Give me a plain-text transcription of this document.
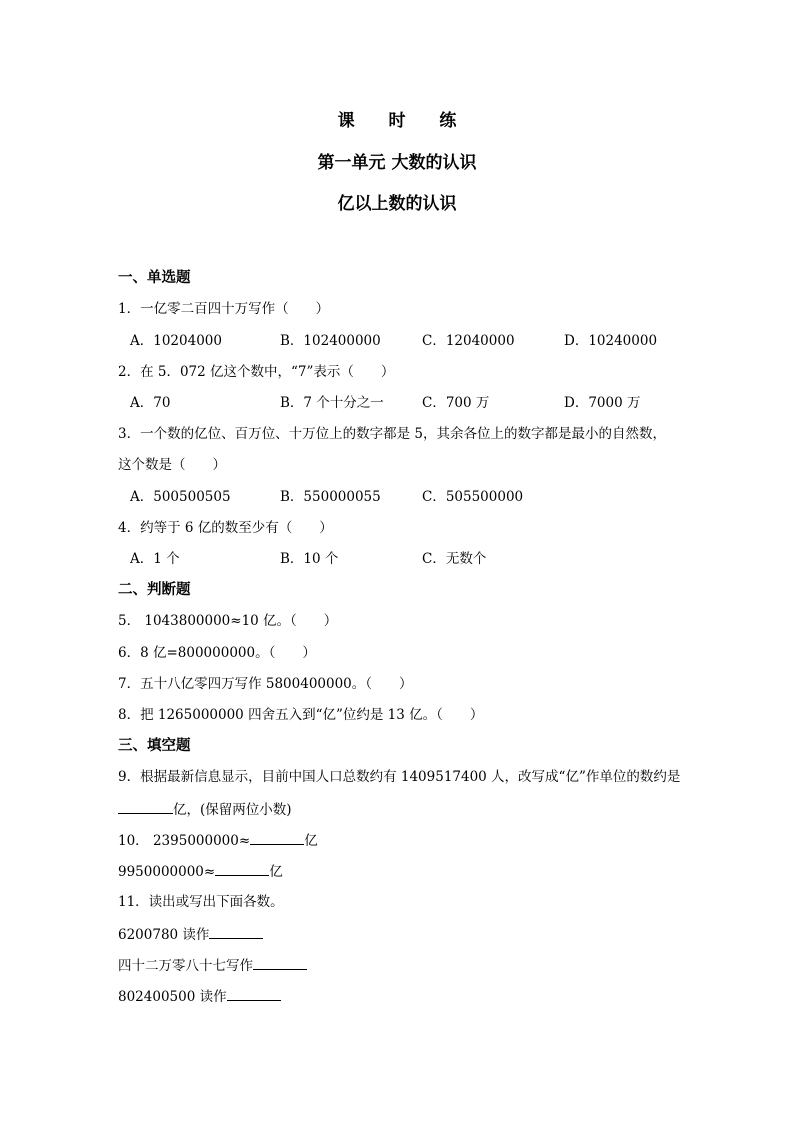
课 时 练
第一单元 大数的认识
亿以上数的认识
一、单选题
1．一亿零二百四十万写作（　　）
A．10204000	B．102400000	C．12040000	D．10240000
2．在 5．072 亿这个数中，“7”表示（　　）
A．70	B．7 个十分之一	C．700 万	D．7000 万
3．一个数的亿位、百万位、十万位上的数字都是 5，其余各位上的数字都是最小的自然数，
这个数是（　　）
A．500500505	B．550000055	C．505500000
4．约等于 6 亿的数至少有（　　）
A．1 个	B．10 个	C．无数个
二、判断题
5． 1043800000≈10 亿。（　　）
6．8 亿=800000000。（　　）
7．五十八亿零四万写作 5800400000。（　　）
8．把 1265000000 四舍五入到“亿”位约是 13 亿。（　　）
三、填空题
9．根据最新信息显示，目前中国人口总数约有 1409517400 人，改写成“亿”作单位的数约是
亿，(保留两位小数)
10． 2395000000≈	亿
9950000000≈	亿
11．读出或写出下面各数。
6200780 读作
四十二万零八十七写作
802400500 读作
